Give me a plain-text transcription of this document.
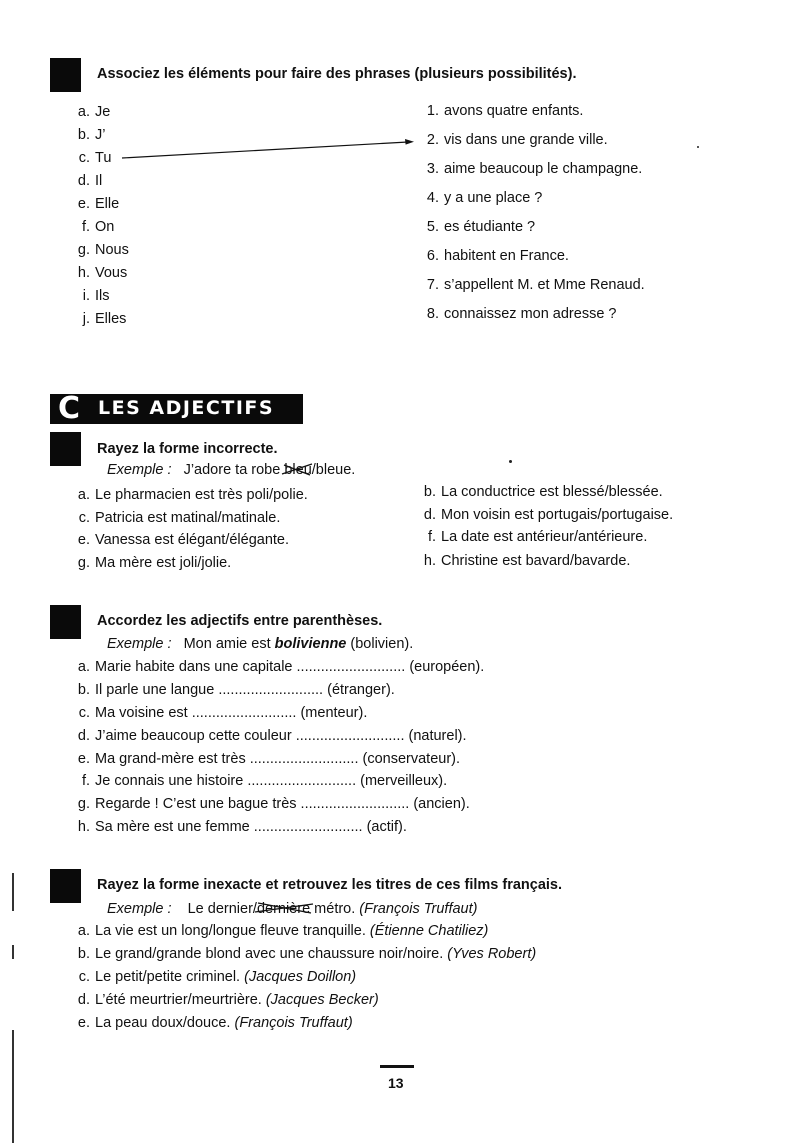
Associez les éléments pour faire des phrases (plusieurs possibilités).
a. Je
b. J’
c. Tu
d. Il
e. Elle
f. On
g. Nous
h. Vous
i. Ils
j. Elles
1. avons quatre enfants.
2. vis dans une grande ville.
3. aime beaucoup le champagne.
4. y a une place ?
5. es étudiante ?
6. habitent en France.
7. s’appellent M. et Mme Renaud.
8. connaissez mon adresse ?
C LES ADJECTIFS
Rayez la forme incorrecte.
Exemple : J’adore ta robe bleu
/bleue.
a. Le pharmacien est très poli/polie.
c. Patricia est matinal/matinale.
e. Vanessa est élégant/élégante.
g. Ma mère est joli/jolie.
b. La conductrice est blessé/blessée.
d. Mon voisin est portugais/portugaise.
f. La date est antérieur/antérieure.
h. Christine est bavard/bavarde.
Accordez les adjectifs entre parenthèses.
Exemple : Mon amie est bolivienne (bolivien).
a. Marie habite dans une capitale ........................... (européen).
b. Il parle une langue .......................... (étranger).
c. Ma voisine est .......................... (menteur).
d. J’aime beaucoup cette couleur ........................... (naturel).
e. Ma grand-mère est très ........................... (conservateur).
f. Je connais une histoire ........................... (merveilleux).
g. Regarde ! C’est une bague très ........................... (ancien).
h. Sa mère est une femme ........................... (actif).
Rayez la forme inexacte et retrouvez les titres de ces films français.
Exemple : Le dernier/dernière métro. (François Truffaut)
a. La vie est un long/longue fleuve tranquille. (Étienne Chatiliez)
b. Le grand/grande blond avec une chaussure noir/noire. (Yves Robert)
c. Le petit/petite criminel. (Jacques Doillon)
d. L’été meurtrier/meurtrière. (Jacques Becker)
e. La peau doux/douce. (François Truffaut)
13
